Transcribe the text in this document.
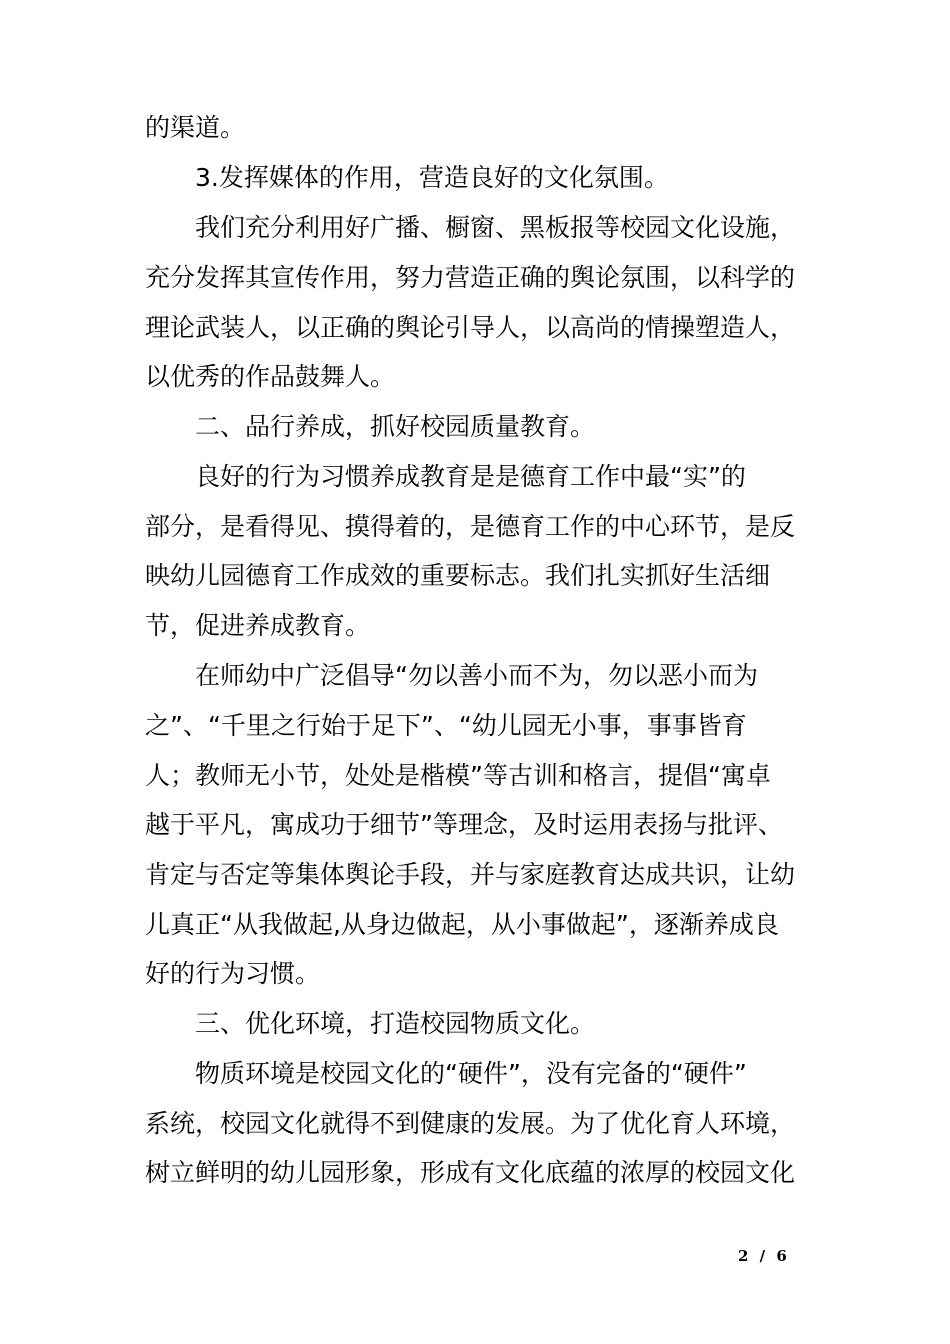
的渠道。
3.发挥媒体的作用，营造良好的文化氛围。
我们充分利用好广播、橱窗、黑板报等校园文化设施，
充分发挥其宣传作用，努力营造正确的舆论氛围，以科学的
理论武装人，以正确的舆论引导人，以高尚的情操塑造人，
以优秀的作品鼓舞人。
二、品行养成，抓好校园质量教育。
良好的行为习惯养成教育是是德育工作中最“实”的
部分，是看得见、摸得着的，是德育工作的中心环节，是反
映幼儿园德育工作成效的重要标志。我们扎实抓好生活细
节，促进养成教育。
在师幼中广泛倡导“勿以善小而不为，勿以恶小而为
之”、“千里之行始于足下”、“幼儿园无小事，事事皆育
人；教师无小节，处处是楷模”等古训和格言，提倡“寓卓
越于平凡，寓成功于细节”等理念，及时运用表扬与批评、
肯定与否定等集体舆论手段，并与家庭教育达成共识，让幼
儿真正“从我做起,从身边做起，从小事做起”，逐渐养成良
好的行为习惯。
三、优化环境，打造校园物质文化。
物质环境是校园文化的“硬件”，没有完备的“硬件”
系统，校园文化就得不到健康的发展。为了优化育人环境，
树立鲜明的幼儿园形象，形成有文化底蕴的浓厚的校园文化
2 / 6
